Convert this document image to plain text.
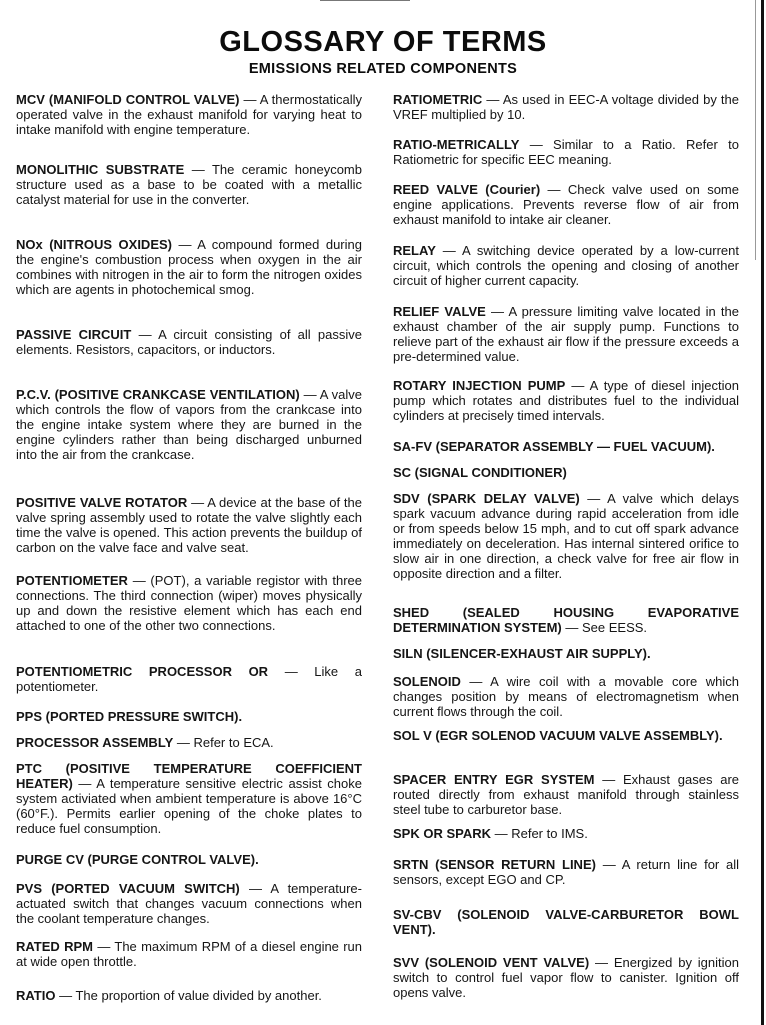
GLOSSARY OF TERMS
EMISSIONS RELATED COMPONENTS

MCV (MANIFOLD CONTROL VALVE) — A thermostatically operated valve in the exhaust manifold for varying heat to intake manifold with engine temperature.

MONOLITHIC SUBSTRATE — The ceramic honeycomb structure used as a base to be coated with a metallic catalyst material for use in the converter.

NOx (NITROUS OXIDES) — A compound formed during the engine's combustion process when oxygen in the air combines with nitrogen in the air to form the nitrogen oxides which are agents in photochemical smog.

PASSIVE CIRCUIT — A circuit consisting of all passive elements. Resistors, capacitors, or inductors.

P.C.V. (POSITIVE CRANKCASE VENTILATION) — A valve which controls the flow of vapors from the crankcase into the engine intake system where they are burned in the engine cylinders rather than being discharged unburned into the air from the crankcase.

POSITIVE VALVE ROTATOR — A device at the base of the valve spring assembly used to rotate the valve slightly each time the valve is opened. This action prevents the buildup of carbon on the valve face and valve seat.

POTENTIOMETER — (POT), a variable registor with three connections. The third connection (wiper) moves physically up and down the resistive element which has each end attached to one of the other two connections.

POTENTIOMETRIC PROCESSOR OR — Like a potentiometer.

PPS (PORTED PRESSURE SWITCH).

PROCESSOR ASSEMBLY — Refer to ECA.

PTC (POSITIVE TEMPERATURE COEFFICIENT HEATER) — A temperature sensitive electric assist choke system activiated when ambient temperature is above 16°C (60°F.). Permits earlier opening of the choke plates to reduce fuel consumption.

PURGE CV (PURGE CONTROL VALVE).

PVS (PORTED VACUUM SWITCH) — A temperature-actuated switch that changes vacuum connections when the coolant temperature changes.

RATED RPM — The maximum RPM of a diesel engine run at wide open throttle.

RATIO — The proportion of value divided by another.

RATIOMETRIC — As used in EEC-A voltage divided by the VREF multiplied by 10.

RATIO-METRICALLY — Similar to a Ratio. Refer to Ratiometric for specific EEC meaning.

REED VALVE (Courier) — Check valve used on some engine applications. Prevents reverse flow of air from exhaust manifold to intake air cleaner.

RELAY — A switching device operated by a low-current circuit, which controls the opening and closing of another circuit of higher current capacity.

RELIEF VALVE — A pressure limiting valve located in the exhaust chamber of the air supply pump. Functions to relieve part of the exhaust air flow if the pressure exceeds a pre-determined value.

ROTARY INJECTION PUMP — A type of diesel injection pump which rotates and distributes fuel to the individual cylinders at precisely timed intervals.

SA-FV (SEPARATOR ASSEMBLY — FUEL VACUUM).

SC (SIGNAL CONDITIONER)

SDV (SPARK DELAY VALVE) — A valve which delays spark vacuum advance during rapid acceleration from idle or from speeds below 15 mph, and to cut off spark advance immediately on deceleration. Has internal sintered orifice to slow air in one direction, a check valve for free air flow in opposite direction and a filter.

SHED (SEALED HOUSING EVAPORATIVE DETERMINATION SYSTEM) — See EESS.

SILN (SILENCER-EXHAUST AIR SUPPLY).

SOLENOID — A wire coil with a movable core which changes position by means of electromagnetism when current flows through the coil.

SOL V (EGR SOLENOD VACUUM VALVE ASSEMBLY).

SPACER ENTRY EGR SYSTEM — Exhaust gases are routed directly from exhaust manifold through stainless steel tube to carburetor base.

SPK OR SPARK — Refer to IMS.

SRTN (SENSOR RETURN LINE) — A return line for all sensors, except EGO and CP.

SV-CBV (SOLENOID VALVE-CARBURETOR BOWL VENT).

SVV (SOLENOID VENT VALVE) — Energized by ignition switch to control fuel vapor flow to canister. Ignition off opens valve.
